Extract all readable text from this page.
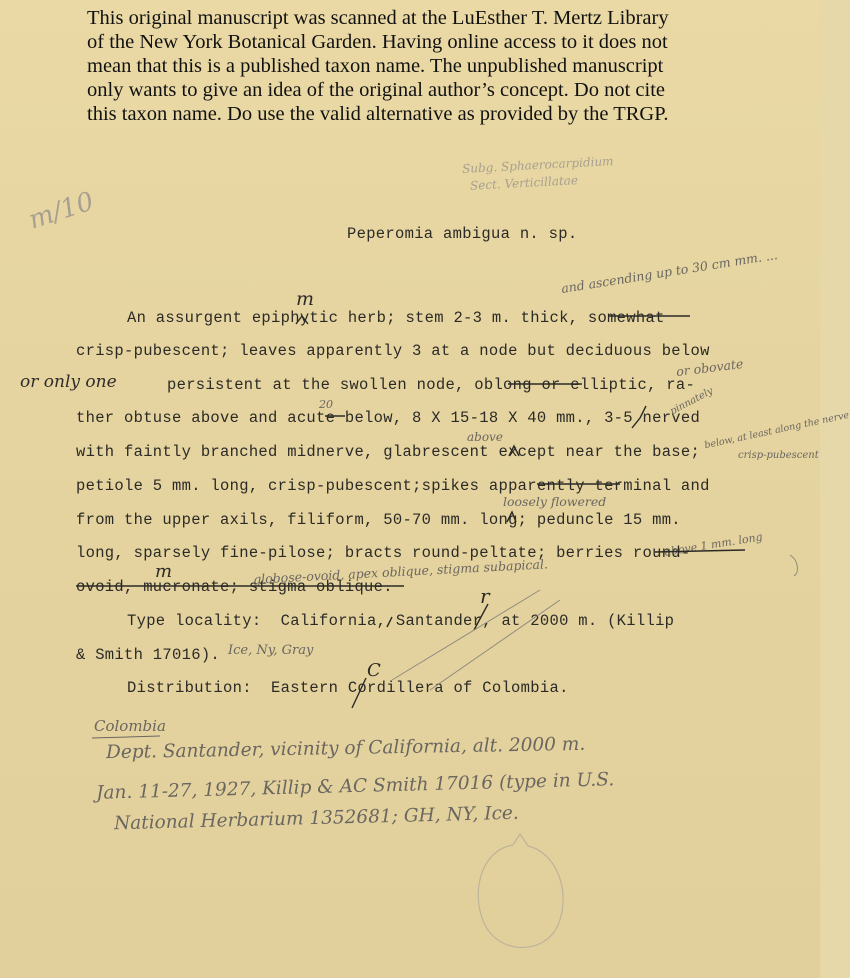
This original manuscript was scanned at the LuEsther T. Mertz Library
of the New York Botanical Garden. Having online access to it does not
mean that this is a published taxon name. The unpublished manuscript
only wants to give an idea of the original author’s concept. Do not cite
this taxon name. Do use the valid alternative as provided by the TRGP.
Subg. Sphaerocarpidium
Sect. Verticillatae
m/10	Peperomia ambigua n. sp.
and ascending up to 30 cm mm. ...
m
An assurgent epiphytic herb; stem 2-3 m. thick, somewhat
crisp-pubescent; leaves apparently 3 at a node but deciduous below
persistent at the swollen node, oblong or elliptic, ra-
ther obtuse above and acute below, 8 X 15-18 X 40 mm., 3-5 nerved
with faintly branched midnerve, glabrescent except near the base;
petiole 5 mm. long, crisp-pubescent;spikes apparently terminal and
from the upper axils, filiform, 50-70 mm. long; peduncle 15 mm.
long, sparsely fine-pilose; bracts round-peltate; berries round-
ovoid, mucronate; stigma oblique.
or only one
or obovate
20	pinnately
above	below, at least along the nerve
crisp-pubescent
loosely flowered
above 1 mm. long
globose-ovoid, apex oblique, stigma subapical.
m
Type locality:  California, Santander, at 2000 m. (Killip
& Smith 17016). Ice, Ny, Gray
r
C
Distribution:  Eastern Cordillera of Colombia.
Colombia
Dept. Santander, vicinity of California, alt. 2000 m.
Jan. 11-27, 1927, Killip & AC Smith 17016 (type in U.S.
National Herbarium 1352681; GH, NY, Ice.
